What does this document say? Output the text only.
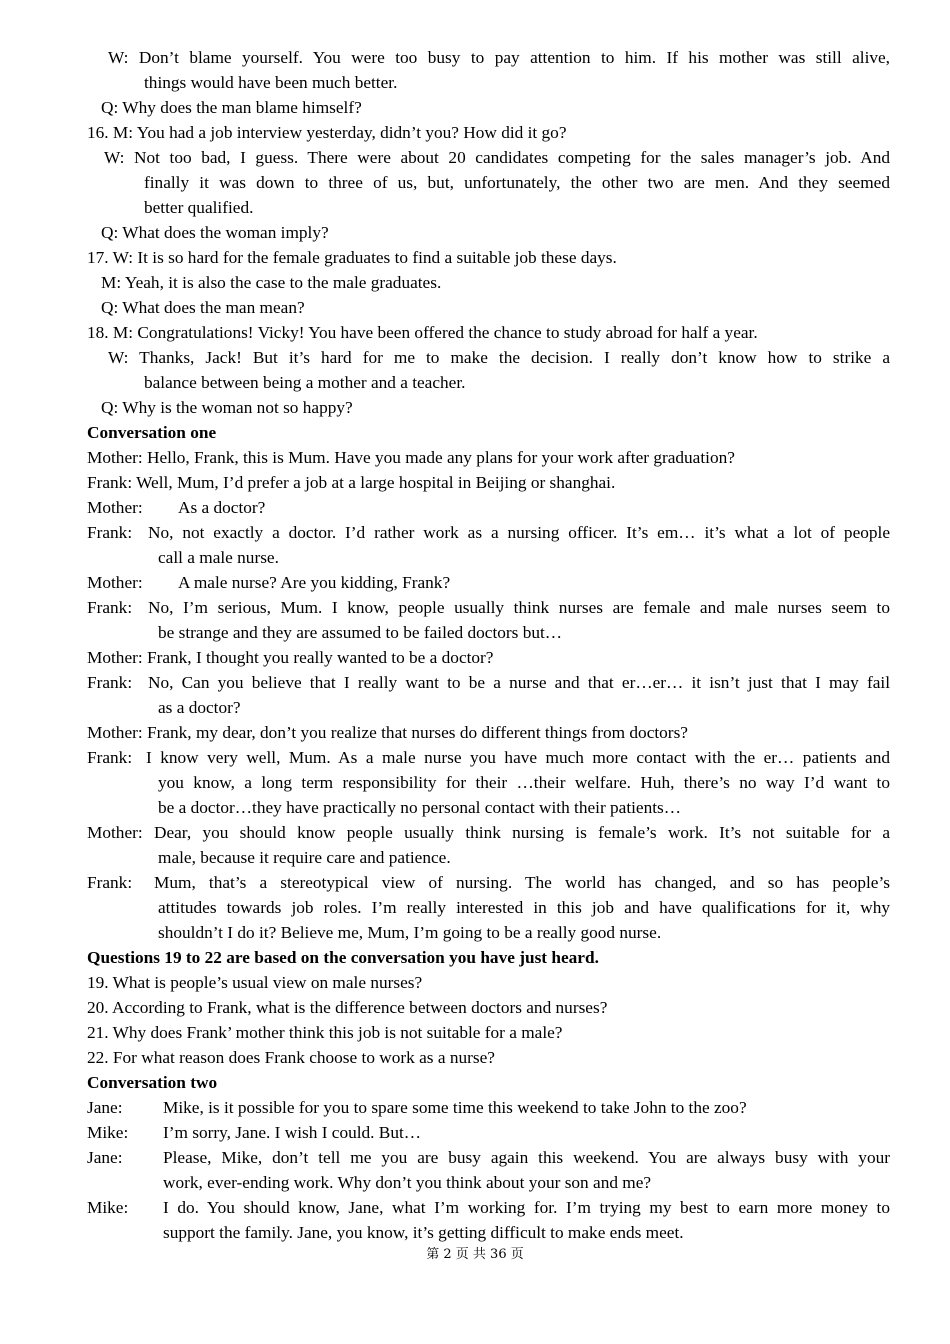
W: Don’t blame yourself. You were too busy to pay attention to him. If his mother was still alive,
things would have been much better.
Q: Why does the man blame himself?
16. M: You had a job interview yesterday, didn’t you? How did it go?
W: Not too bad, I guess. There were about 20 candidates competing for the sales manager’s job. And
finally it was down to three of us, but, unfortunately, the other two are men. And they seemed
better qualified.
Q: What does the woman imply?
17. W: It is so hard for the female graduates to find a suitable job these days.
M: Yeah, it is also the case to the male graduates.
Q: What does the man mean?
18. M: Congratulations! Vicky! You have been offered the chance to study abroad for half a year.
W: Thanks, Jack! But it’s hard for me to make the decision. I really don’t know how to strike a
balance between being a mother and a teacher.
Q: Why is the woman not so happy?
Conversation one
Mother: Hello, Frank, this is Mum. Have you made any plans for your work after graduation?
Frank: Well, Mum, I’d prefer a job at a large hospital in Beijing or shanghai.
Mother:	As a doctor?
Frank: No, not exactly a doctor. I’d rather work as a nursing officer. It’s em… it’s what a lot of people
call a male nurse.
Mother:	A male nurse? Are you kidding, Frank?
Frank: No, I’m serious, Mum. I know, people usually think nurses are female and male nurses seem to
be strange and they are assumed to be failed doctors but…
Mother: Frank, I thought you really wanted to be a doctor?
Frank: No, Can you believe that I really want to be a nurse and that er…er… it isn’t just that I may fail
as a doctor?
Mother: Frank, my dear, don’t you realize that nurses do different things from doctors?
Frank: I know very well, Mum. As a male nurse you have much more contact with the er… patients and
you know, a long term responsibility for their …their welfare. Huh, there’s no way I’d want to
be a doctor…they have practically no personal contact with their patients…
Mother: Dear, you should know people usually think nursing is female’s work. It’s not suitable for a
male, because it require care and patience.
Frank:	Mum, that’s a stereotypical view of nursing. The world has changed, and so has people’s
attitudes towards job roles. I’m really interested in this job and have qualifications for it, why
shouldn’t I do it? Believe me, Mum, I’m going to be a really good nurse.
Questions 19 to 22 are based on the conversation you have just heard.
19. What is people’s usual view on male nurses?
20. According to Frank, what is the difference between doctors and nurses?
21. Why does Frank’ mother think this job is not suitable for a male?
22. For what reason does Frank choose to work as a nurse?
Conversation two
Jane:	Mike, is it possible for you to spare some time this weekend to take John to the zoo?
Mike:	I’m sorry, Jane. I wish I could. But…
Jane:	Please, Mike, don’t tell me you are busy again this weekend. You are always busy with your
work, ever-ending work. Why don’t you think about your son and me?
Mike:	I do. You should know, Jane, what I’m working for. I’m trying my best to earn more money to
support the family. Jane, you know, it’s getting difficult to make ends meet.
第 2 页 共 36 页
